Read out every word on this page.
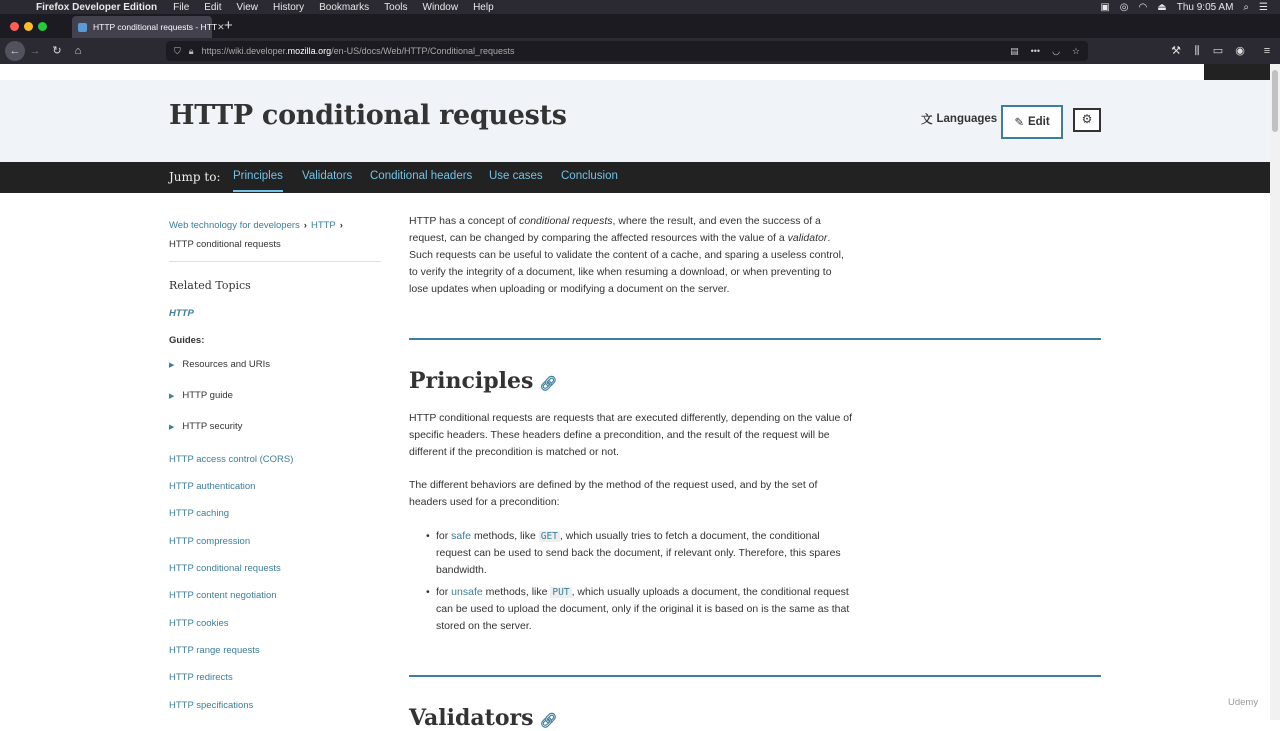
Firefox Developer Edition File Edit View History Bookmarks Tools Window Help	▣ ◎ ◠ ⏏ Thu 9:05 AM ⌕ ☰
HTTP conditional requests - HTT ✕ +
← →	↻	⌂	⛉ 🔒︎ https://wiki.developer. mozilla.org /en-US/docs/Web/HTTP/Conditional_requests	▤ ••• ◡ ☆	⚒	⫼	▭	◉	≡
HTTP conditional requests	文 Languages ✎ Edit	⚙
Jump to: Principles Validators Conditional headers Use cases Conclusion
Web technology for developers › HTTP ›
HTTP conditional requests
Related Topics
HTTP
Guides:
▶ Resources and URIs
▶ HTTP guide
▶ HTTP security
HTTP access control (CORS)
HTTP authentication
HTTP caching
HTTP compression
HTTP conditional requests
HTTP content negotiation
HTTP cookies
HTTP range requests
HTTP redirects
HTTP specifications
HTTP has a concept of conditional requests, where the result, and even the success of a
request, can be changed by comparing the affected resources with the value of a validator.
Such requests can be useful to validate the content of a cache, and sparing a useless control,
to verify the integrity of a document, like when resuming a download, or when preventing to
lose updates when uploading or modifying a document on the server.
Principles 🔗︎
HTTP conditional requests are requests that are executed differently, depending on the value of
specific headers. These headers define a precondition, and the result of the request will be
different if the precondition is matched or not.
The different behaviors are defined by the method of the request used, and by the set of
headers used for a precondition:
• for safe methods, like GET , which usually tries to fetch a document, the conditional
request can be used to send back the document, if relevant only. Therefore, this spares
bandwidth.
• for unsafe methods, like PUT , which usually uploads a document, the conditional request
can be used to upload the document, only if the original it is based on is the same as that
stored on the server.
Validators 🔗︎
Udemy
